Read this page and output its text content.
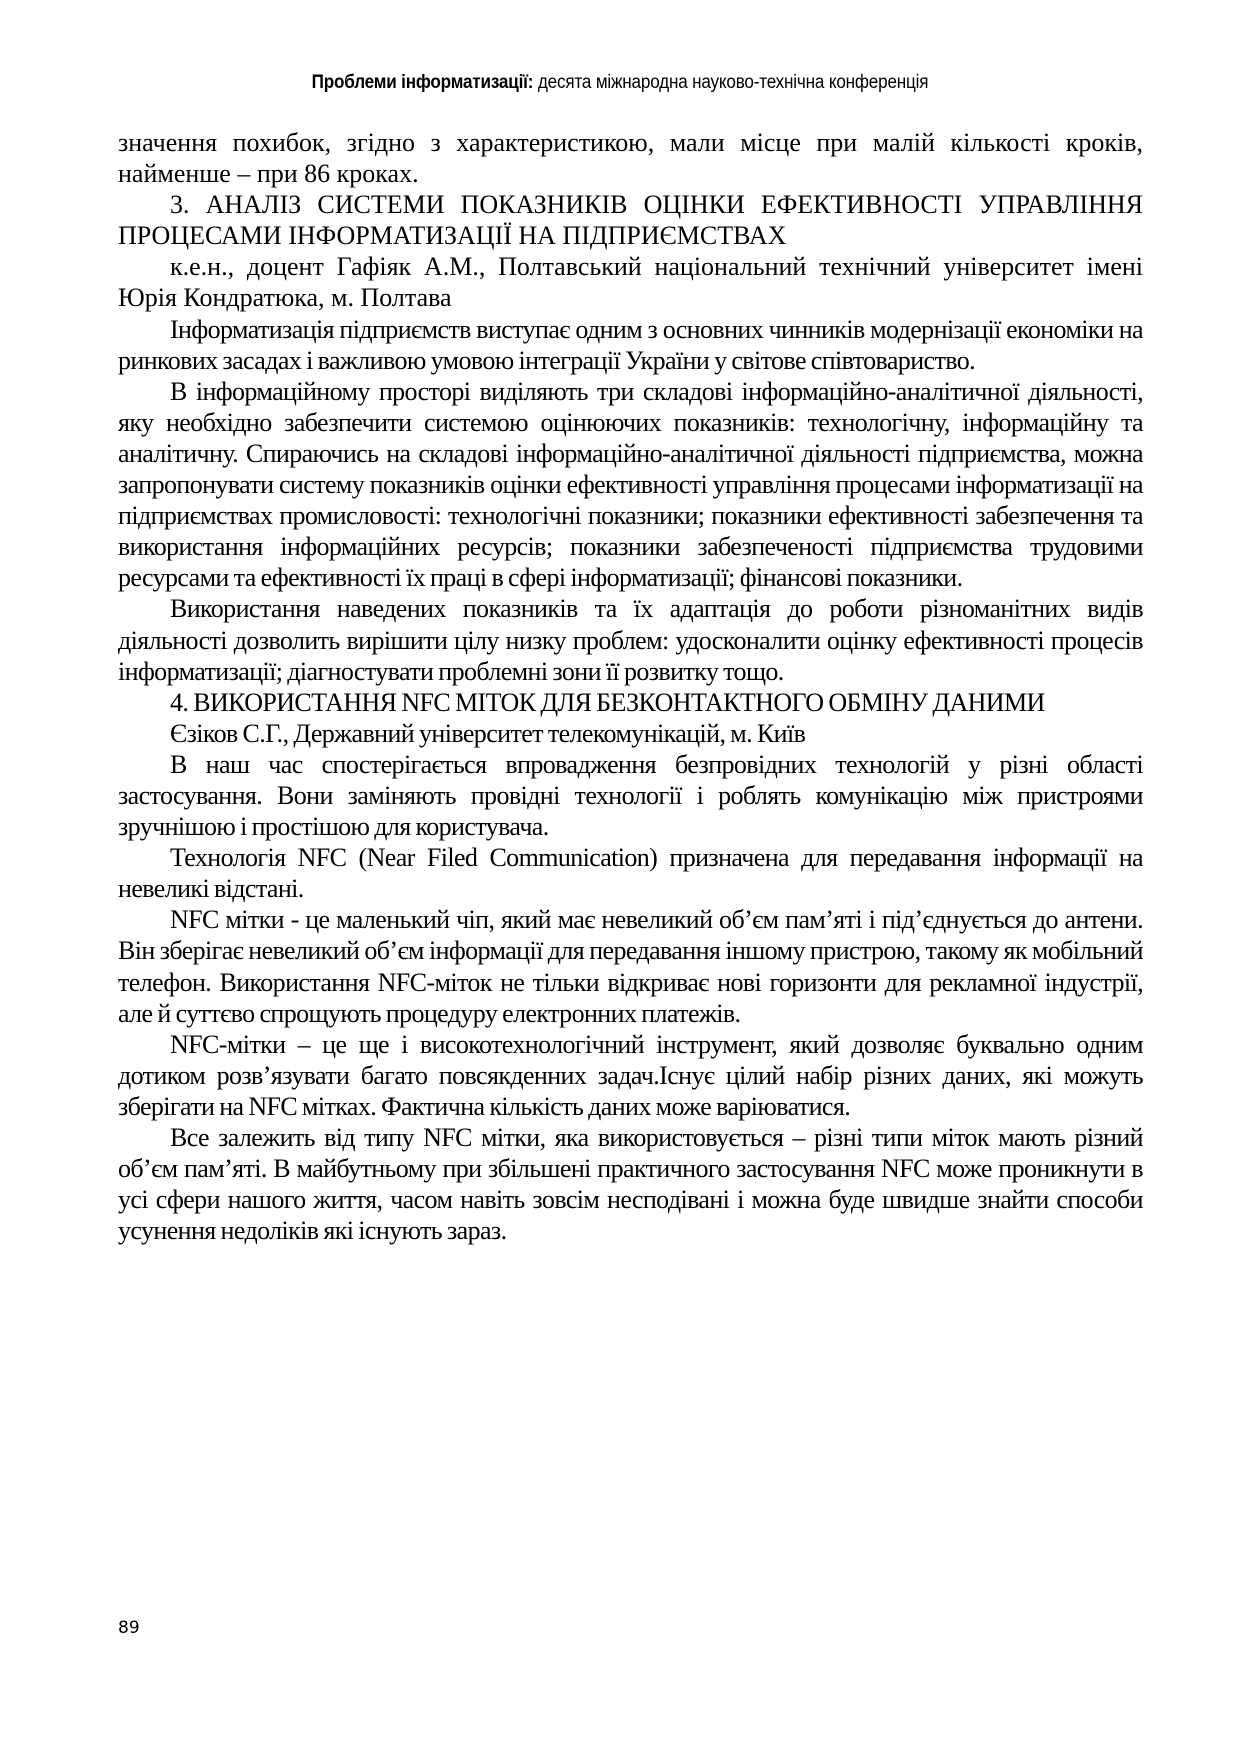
Проблеми інформатизації: десята міжнародна науково-технічна конференція

значення похибок, згідно з характеристикою, мали місце при малій кількості кроків, найменше – при 86 кроках.

3. АНАЛІЗ СИСТЕМИ ПОКАЗНИКІВ ОЦІНКИ ЕФЕКТИВНОСТІ УПРАВЛІННЯ ПРОЦЕСАМИ ІНФОРМАТИЗАЦІЇ НА ПІДПРИЄМСТВАХ

к.е.н., доцент Гафіяк А.М., Полтавський національний технічний університет імені Юрія Кондратюка, м. Полтава

Інформатизація підприємств виступає одним з основних чинників модернізації економіки на ринкових засадах і важливою умовою інтеграції України у світове співтовариство.

В інформаційному просторі виділяють три складові інформаційно-аналітичної діяльності, яку необхідно забезпечити системою оцінюючих показників: технологічну, інформаційну та аналітичну. Спираючись на складові інформаційно-аналітичної діяльності підприємства, можна запропонувати систему показників оцінки ефективності управління процесами інформатизації на підприємствах промисловості: технологічні показники; показники ефективності забезпечення та використання інформаційних ресурсів; показники забезпеченості підприємства трудовими ресурсами та ефективності їх праці в сфері інформатизації; фінансові показники.

Використання наведених показників та їх адаптація до роботи різноманітних видів діяльності дозволить вирішити цілу низку проблем: удосконалити оцінку ефективності процесів інформатизації; діагностувати проблемні зони її розвитку тощо.

4. ВИКОРИСТАННЯ NFC МІТОК ДЛЯ БЕЗКОНТАКТНОГО ОБМІНУ ДАНИМИ

Єзіков С.Г., Державний університет телекомунікацій, м. Київ

В наш час спостерігається впровадження безпровідних технологій у різні області застосування. Вони заміняють провідні технології і роблять комунікацію між пристроями зручнішою і простішою для користувача.

Технологія NFC (Near Filed Communication) призначена для передавання інформації на невеликі відстані.

NFC мітки - це маленький чіп, який має невеликий об’єм пам’яті і під’єднується до антени. Він зберігає невеликий об’єм інформації для передавання іншому пристрою, такому як мобільний телефон. Використання NFC-міток не тільки відкриває нові горизонти для рекламної індустрії, але й суттєво спрощують процедуру електронних платежів.

NFC-мітки – це ще і високотехнологічний інструмент, який дозволяє буквально одним дотиком розв’язувати багато повсякденних задач.Існує цілий набір різних даних, які можуть зберігати на NFC мітках. Фактична кількість даних може варіюватися.

Все залежить від типу NFC мітки, яка використовується – різні типи міток мають різний об’єм пам’яті. В майбутньому при збільшені практичного застосування NFC може проникнути в усі сфери нашого життя, часом навіть зовсім несподівані і можна буде швидше знайти способи усунення недоліків які існують зараз.

89
